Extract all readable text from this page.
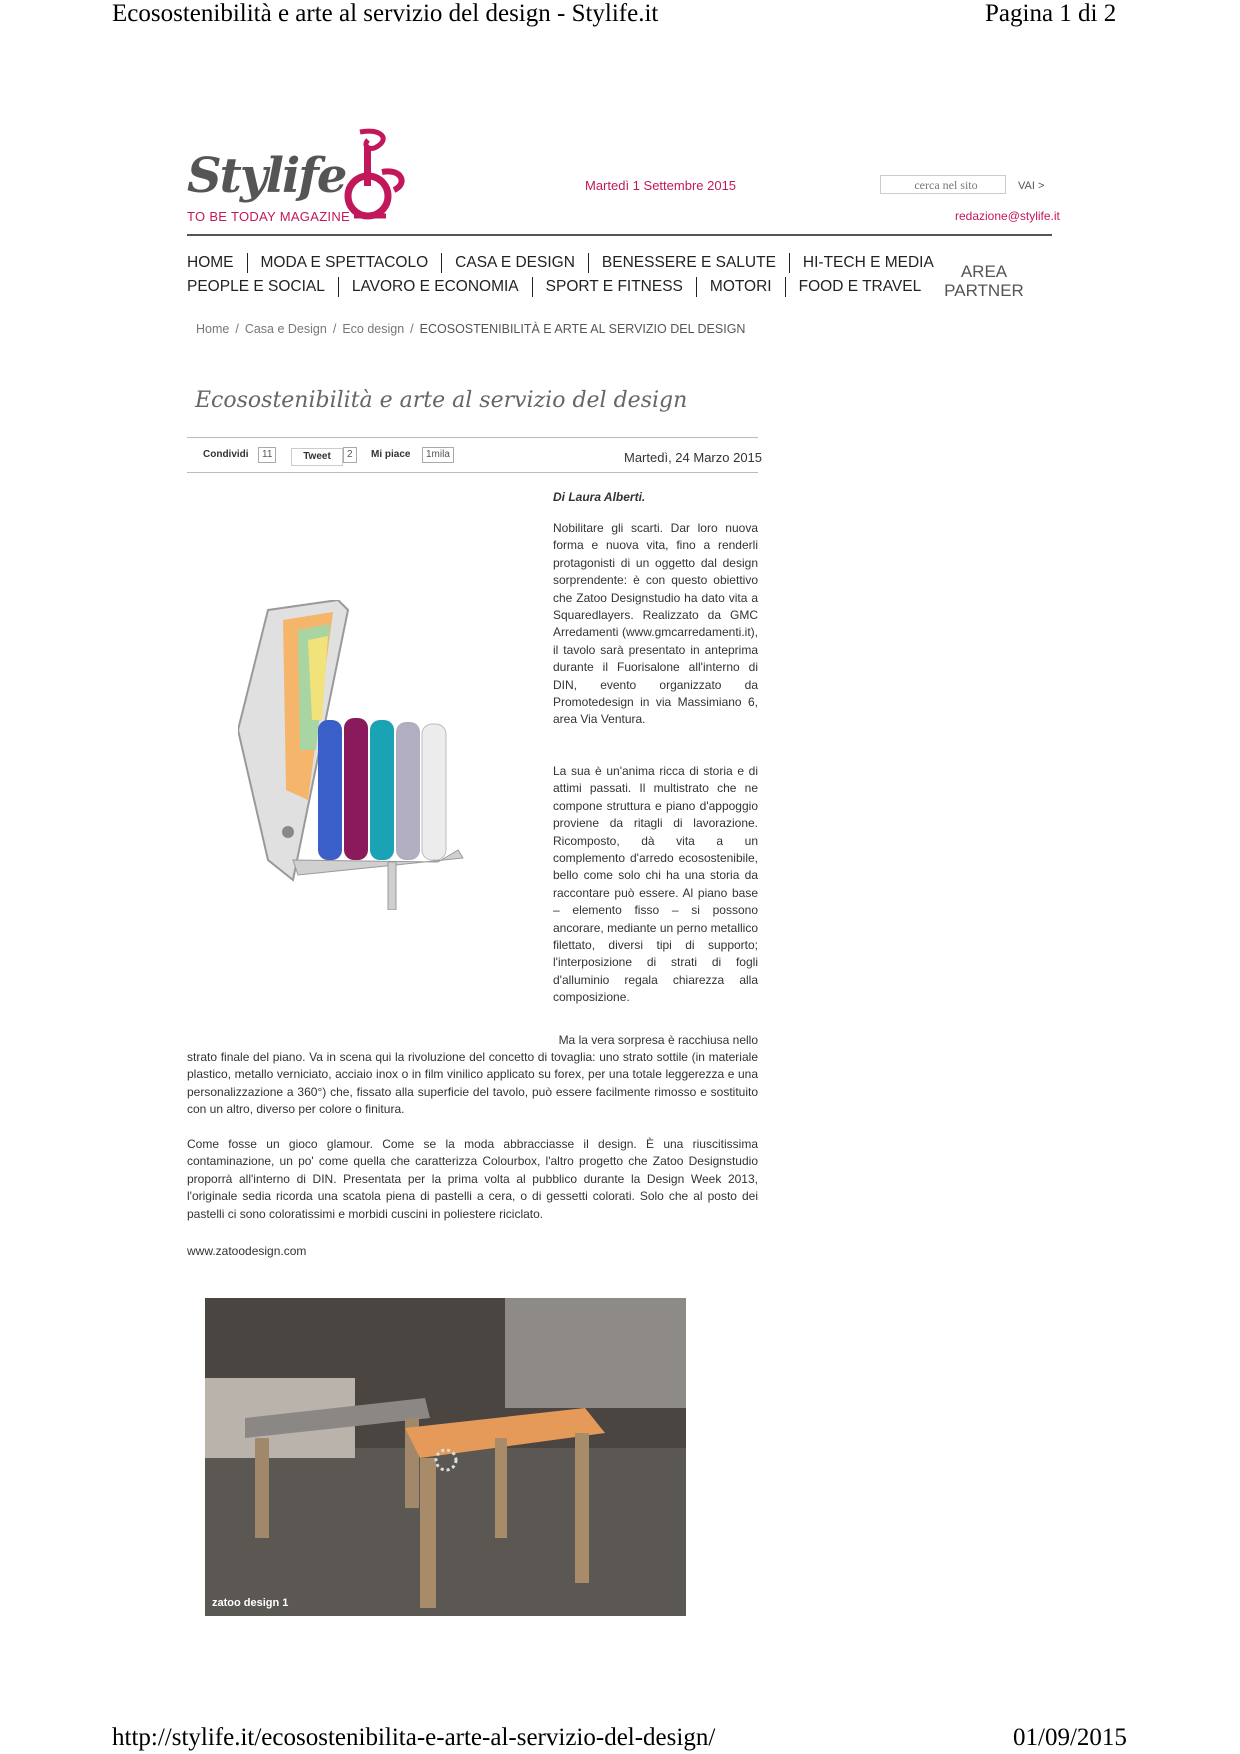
Ecosostenibilità e arte al servizio del design - Stylife.it	Pagina 1 di 2
Stylife
TO BE TODAY MAGAZINE
Martedì 1 Settembre 2015	cerca nel sito	VAI >
redazione@stylife.it
HOME MODA E SPETTACOLO CASA E DESIGN BENESSERE E SALUTE HI-TECH E MEDIA
PEOPLE E SOCIAL LAVORO E ECONOMIA SPORT E FITNESS MOTORI FOOD E TRAVEL
AREA PARTNER
Home / Casa e Design / Eco design / ECOSOSTENIBILITÀ E ARTE AL SERVIZIO DEL DESIGN
Ecosostenibilità e arte al servizio del design
Condividi	11	Tweet	2	Mi piace	1mila	Martedì, 24 Marzo 2015
Di Laura Alberti.
Nobilitare gli scarti. Dar loro nuova forma e nuova vita, fino a renderli protagonisti di un oggetto dal design sorprendente: è con questo obiettivo che Zatoo Designstudio ha dato vita a Squaredlayers. Realizzato da GMC Arredamenti (www.gmcarredamenti.it), il tavolo sarà presentato in anteprima durante il Fuorisalone all'interno di DIN, evento organizzato da Promotedesign in via Massimiano 6, area Via Ventura.
La sua è un'anima ricca di storia e di attimi passati. Il multistrato che ne compone struttura e piano d'appoggio proviene da ritagli di lavorazione. Ricomposto, dà vita a un complemento d'arredo ecosostenibile, bello come solo chi ha una storia da raccontare può essere. Al piano base – elemento fisso – si possono ancorare, mediante un perno metallico filettato, diversi tipi di supporto; l'interposizione di strati di fogli d'alluminio regala chiarezza alla composizione.
Ma la vera sorpresa è racchiusa nello
strato finale del piano. Va in scena qui la rivoluzione del concetto di tovaglia: uno strato sottile (in materiale plastico, metallo verniciato, acciaio inox o in film vinilico applicato su forex, per una totale leggerezza e una personalizzazione a 360°) che, fissato alla superficie del tavolo, può essere facilmente rimosso e sostituito con un altro, diverso per colore o finitura.
Come fosse un gioco glamour. Come se la moda abbracciasse il design. È una riuscitissima contaminazione, un po' come quella che caratterizza Colourbox, l'altro progetto che Zatoo Designstudio proporrà all'interno di DIN. Presentata per la prima volta al pubblico durante la Design Week 2013, l'originale sedia ricorda una scatola piena di pastelli a cera, o di gessetti colorati. Solo che al posto dei pastelli ci sono coloratissimi e morbidi cuscini in poliestere riciclato.
www.zatoodesign.com
zatoo design 1
http://stylife.it/ecosostenibilita-e-arte-al-servizio-del-design/	01/09/2015
